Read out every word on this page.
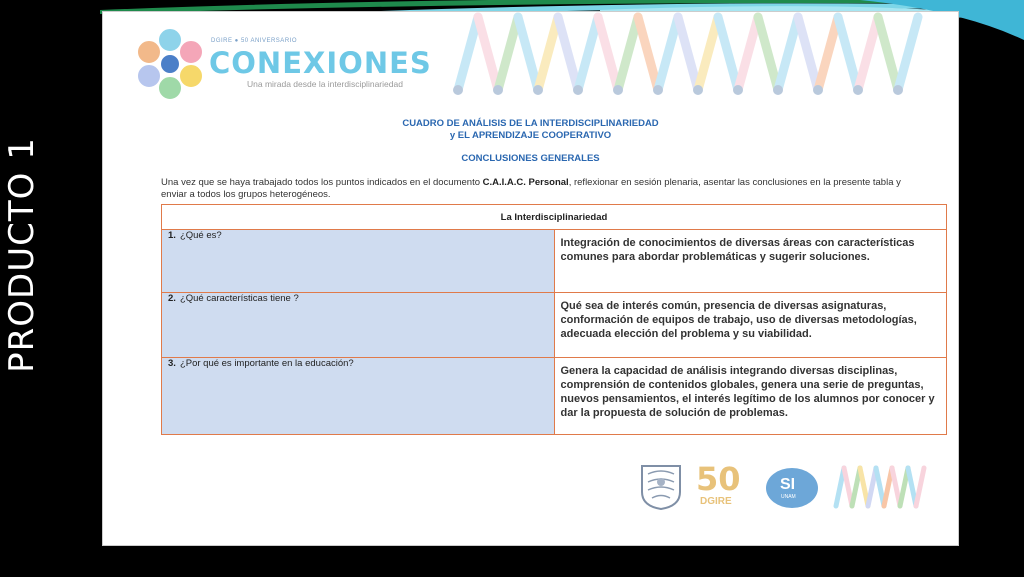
PRODUCTO 1
DGIRE ● 50 ANIVERSARIO
CONEXIONES
Una mirada desde la interdisciplinariedad
CUADRO DE ANÁLISIS DE LA INTERDISCIPLINARIEDAD
y EL APRENDIZAJE COOPERATIVO
CONCLUSIONES GENERALES
Una vez que se haya trabajado todos los puntos indicados en el documento C.A.I.A.C. Personal, reflexionar en sesión plenaria, asentar las conclusiones en la presente tabla y enviar a todos los grupos heterogéneos.
La Interdisciplinariedad	
1. ¿Qué es?	Integración de conocimientos de diversas áreas con características comunes para abordar problemáticas y sugerir soluciones.
2. ¿Qué características tiene ?	Qué sea de interés común, presencia de diversas asignaturas, conformación de equipos de trabajo, uso de diversas metodologías, adecuada elección del problema y su viabilidad.
3. ¿Por qué es importante en la educación?	Genera la capacidad de análisis integrando diversas disciplinas, comprensión de contenidos globales, genera una serie de preguntas, nuevos pensamientos, el interés legítimo de los alumnos por conocer y dar la propuesta de solución de problemas.
50
DGIRE
SI
UNAM
